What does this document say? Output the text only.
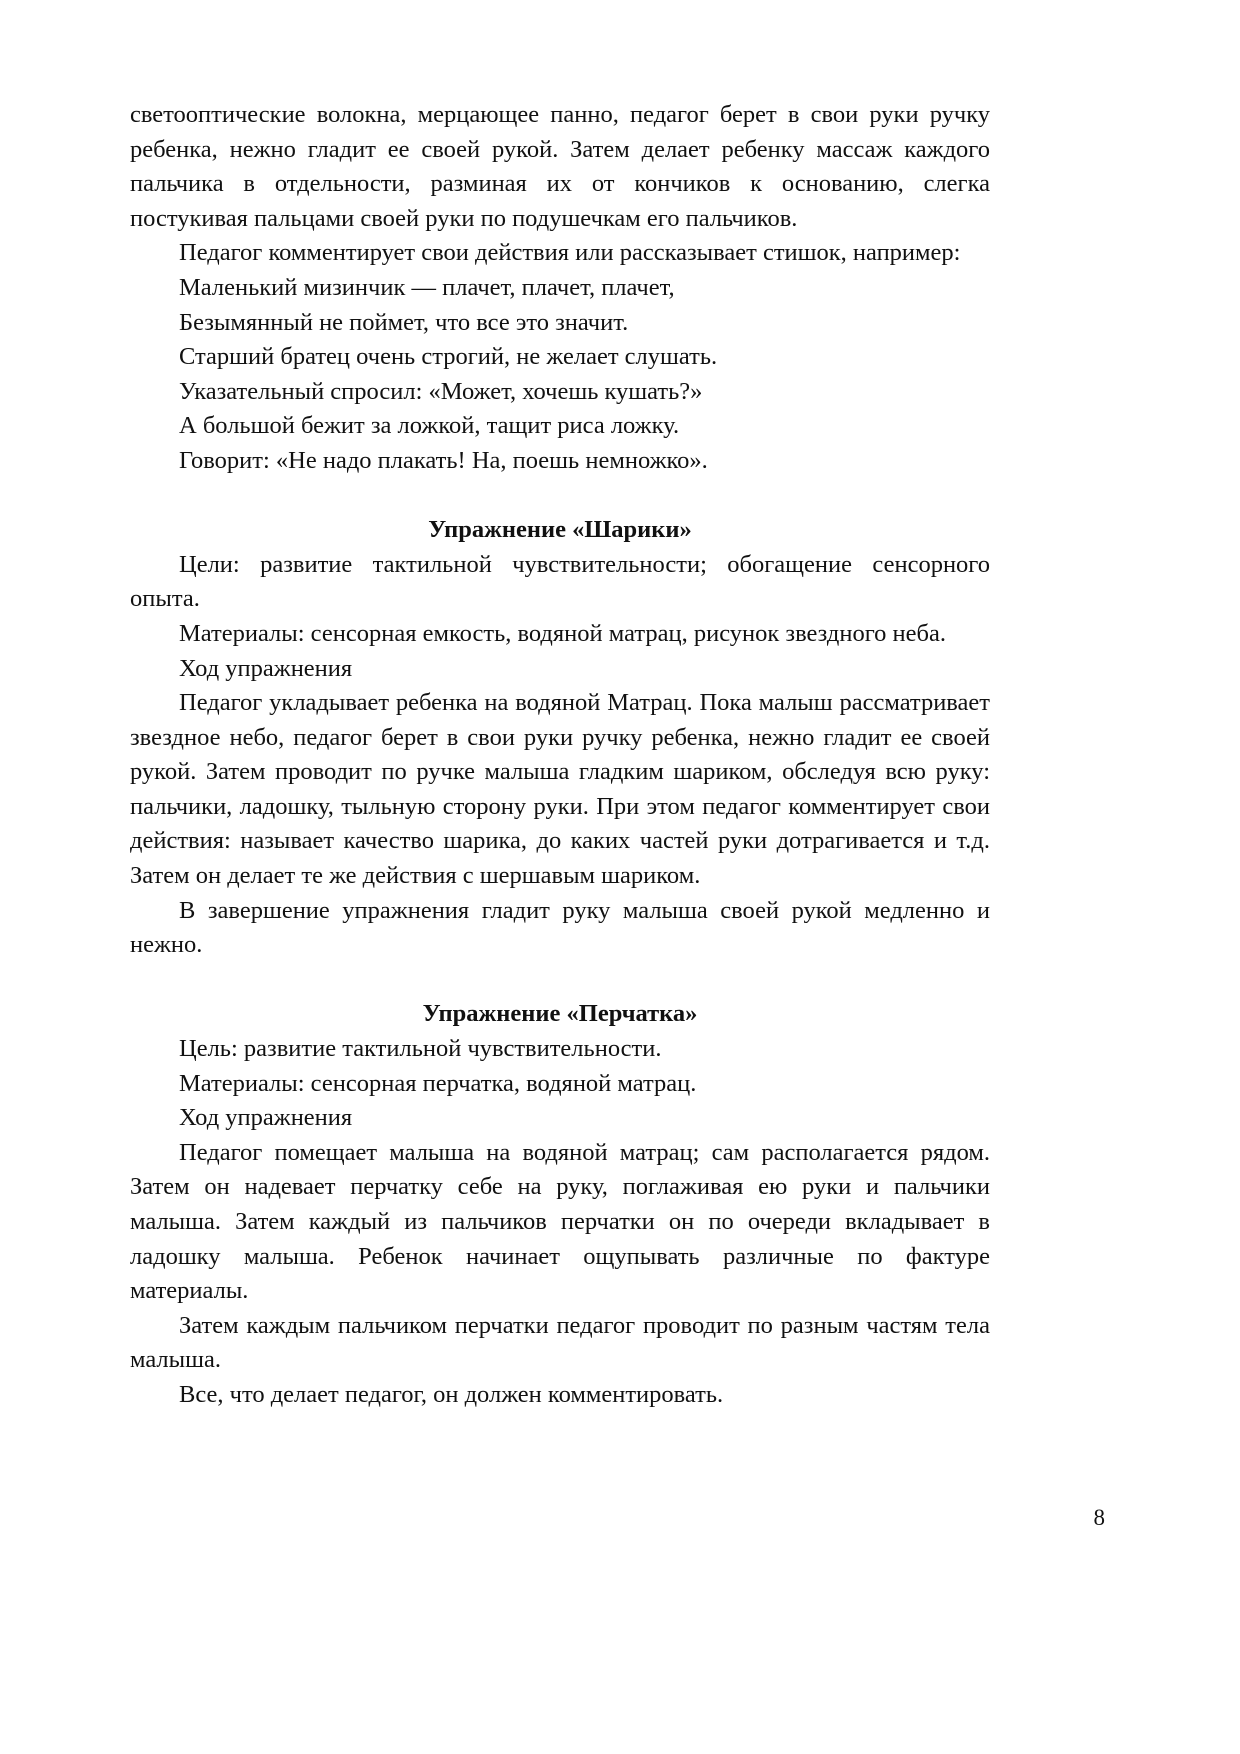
светооптические волокна, мерцающее панно, педагог берет в свои руки ручку ребенка, нежно гладит ее своей рукой. Затем делает ребенку массаж каждого пальчика в отдельности, разминая их от кончиков к основанию, слегка постукивая пальцами своей руки по подушечкам его пальчиков.

Педагог комментирует свои действия или рассказывает стишок, например:

Маленький мизинчик — плачет, плачет, плачет,

Безымянный не поймет, что все это значит.

Старший братец очень строгий, не желает слушать.

Указательный спросил: «Может, хочешь кушать?»

А большой бежит за ложкой, тащит риса ложку.

Говорит: «Не надо плакать! На, поешь немножко».

Упражнение «Шарики»

Цели: развитие тактильной чувствительности; обогащение сенсорного опыта.

Материалы: сенсорная емкость, водяной матрац, рисунок звездного неба.

Ход упражнения

Педагог укладывает ребенка на водяной Матрац. Пока малыш рассматривает звездное небо, педагог берет в свои руки ручку ребенка, нежно гладит ее своей рукой. Затем проводит по ручке малыша гладким шариком, обследуя всю руку: пальчики, ладошку, тыльную сторону руки. При этом педагог комментирует свои действия: называет качество шарика, до каких частей руки дотрагивается и т.д. Затем он делает те же действия с шершавым шариком.

В завершение упражнения гладит руку малыша своей рукой медленно и нежно.

Упражнение «Перчатка»

Цель: развитие тактильной чувствительности.

Материалы: сенсорная перчатка, водяной матрац.

Ход упражнения

Педагог помещает малыша на водяной матрац; сам располагается рядом. Затем он надевает перчатку себе на руку, поглаживая ею руки и пальчики малыша. Затем каждый из пальчиков перчатки он по очереди вкладывает в ладошку малыша. Ребенок начинает ощупывать различные по фактуре материалы.

Затем каждым пальчиком перчатки педагог проводит по разным частям тела малыша.

Все, что делает педагог, он должен комментировать.

8
